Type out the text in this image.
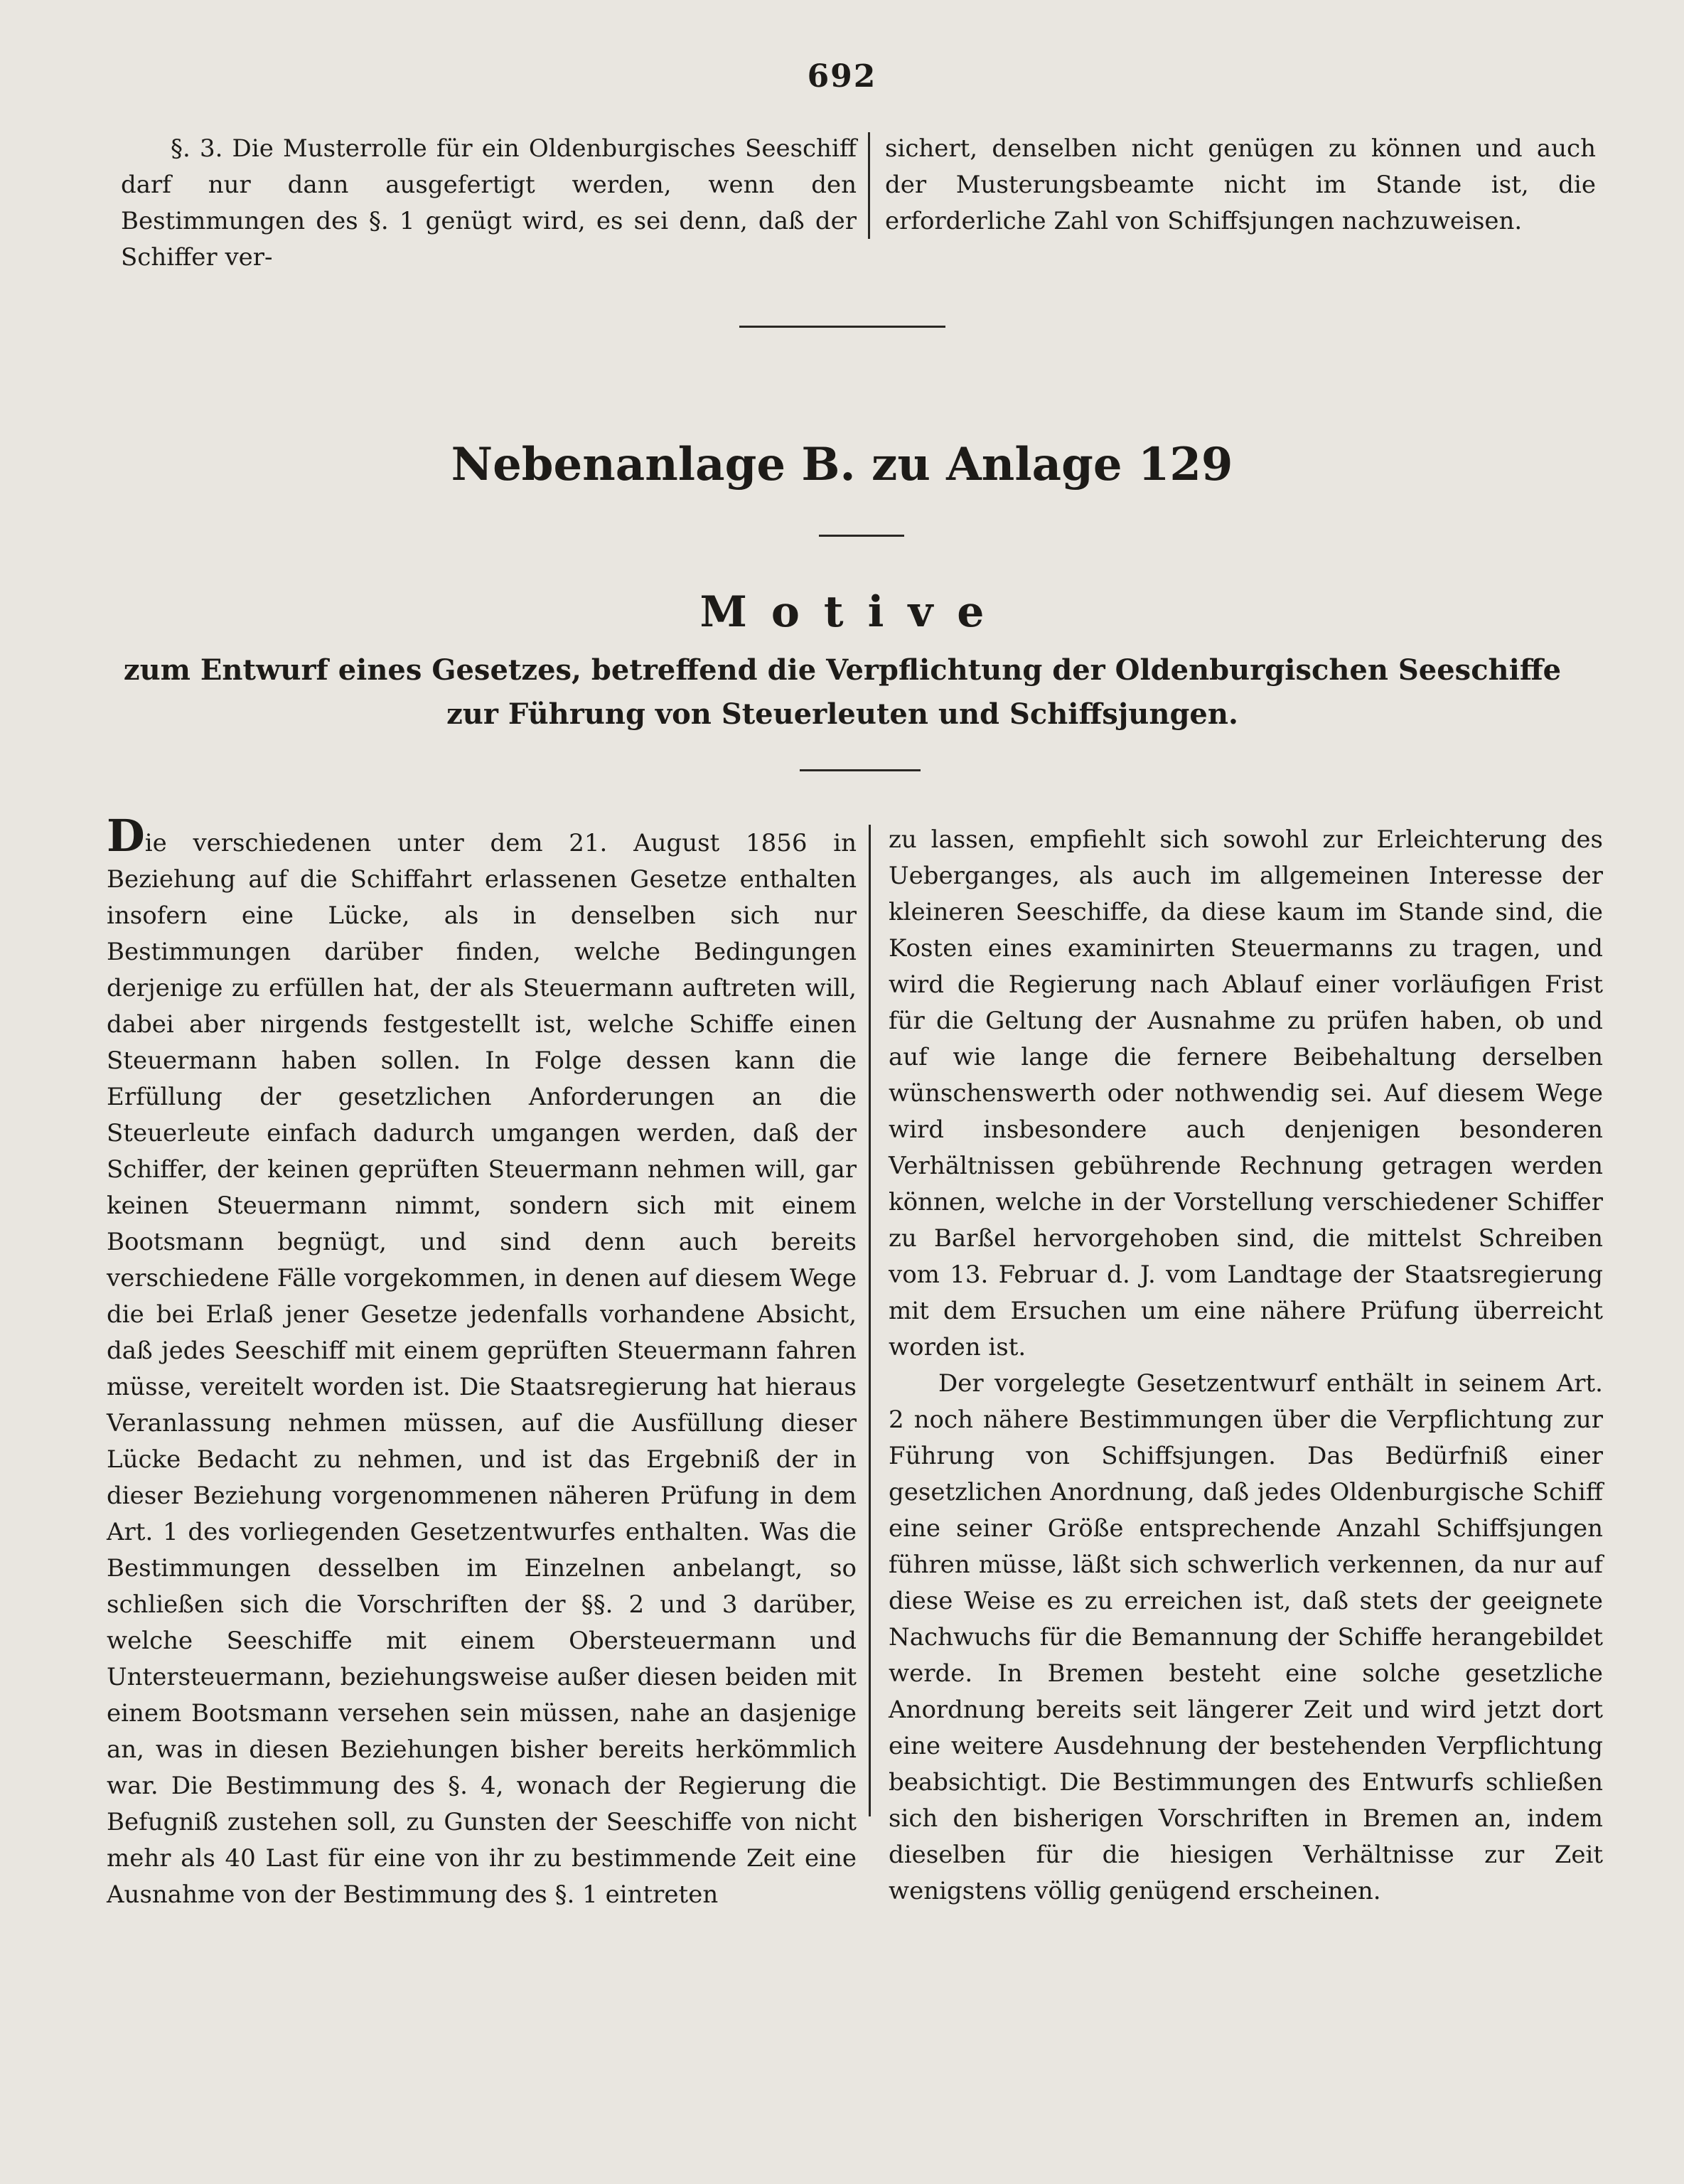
692

§. 3. Die Musterrolle für ein Oldenburgisches Seeschiff darf nur dann ausgefertigt werden, wenn den Bestimmungen des §. 1 genügt wird, es sei denn, daß der Schiffer ver-

sichert, denselben nicht genügen zu können und auch der Musterungsbeamte nicht im Stande ist, die erforderliche Zahl von Schiffsjungen nachzuweisen.

Nebenanlage B. zu Anlage 129
Motive
zum Entwurf eines Gesetzes, betreffend die Verpflichtung der Oldenburgischen Seeschiffe zur Führung von Steuerleuten und Schiffsjungen.

Die verschiedenen unter dem 21. August 1856 in Beziehung auf die Schiffahrt erlassenen Gesetze enthalten insofern eine Lücke, als in denselben sich nur Bestimmungen darüber finden, welche Bedingungen derjenige zu erfüllen hat, der als Steuermann auftreten will, dabei aber nirgends festgestellt ist, welche Schiffe einen Steuermann haben sollen. In Folge dessen kann die Erfüllung der gesetzlichen Anforderungen an die Steuerleute einfach dadurch umgangen werden, daß der Schiffer, der keinen geprüften Steuermann nehmen will, gar keinen Steuermann nimmt, sondern sich mit einem Bootsmann begnügt, und sind denn auch bereits verschiedene Fälle vorgekommen, in denen auf diesem Wege die bei Erlaß jener Gesetze jedenfalls vorhandene Absicht, daß jedes Seeschiff mit einem geprüften Steuermann fahren müsse, vereitelt worden ist. Die Staatsregierung hat hieraus Veranlassung nehmen müssen, auf die Ausfüllung dieser Lücke Bedacht zu nehmen, und ist das Ergebniß der in dieser Beziehung vorgenommenen näheren Prüfung in dem Art. 1 des vorliegenden Gesetzentwurfes enthalten. Was die Bestimmungen desselben im Einzelnen anbelangt, so schließen sich die Vorschriften der §§. 2 und 3 darüber, welche Seeschiffe mit einem Obersteuermann und Untersteuermann, beziehungsweise außer diesen beiden mit einem Bootsmann versehen sein müssen, nahe an dasjenige an, was in diesen Beziehungen bisher bereits herkömmlich war. Die Bestimmung des §. 4, wonach der Regierung die Befugniß zustehen soll, zu Gunsten der Seeschiffe von nicht mehr als 40 Last für eine von ihr zu bestimmende Zeit eine Ausnahme von der Bestimmung des §. 1 eintreten

zu lassen, empfiehlt sich sowohl zur Erleichterung des Ueberganges, als auch im allgemeinen Interesse der kleineren Seeschiffe, da diese kaum im Stande sind, die Kosten eines examinirten Steuermanns zu tragen, und wird die Regierung nach Ablauf einer vorläufigen Frist für die Geltung der Ausnahme zu prüfen haben, ob und auf wie lange die fernere Beibehaltung derselben wünschenswerth oder nothwendig sei. Auf diesem Wege wird insbesondere auch denjenigen besonderen Verhältnissen gebührende Rechnung getragen werden können, welche in der Vorstellung verschiedener Schiffer zu Barßel hervorgehoben sind, die mittelst Schreiben vom 13. Februar d. J. vom Landtage der Staatsregierung mit dem Ersuchen um eine nähere Prüfung überreicht worden ist.

Der vorgelegte Gesetzentwurf enthält in seinem Art. 2 noch nähere Bestimmungen über die Verpflichtung zur Führung von Schiffsjungen. Das Bedürfniß einer gesetzlichen Anordnung, daß jedes Oldenburgische Schiff eine seiner Größe entsprechende Anzahl Schiffsjungen führen müsse, läßt sich schwerlich verkennen, da nur auf diese Weise es zu erreichen ist, daß stets der geeignete Nachwuchs für die Bemannung der Schiffe herangebildet werde. In Bremen besteht eine solche gesetzliche Anordnung bereits seit längerer Zeit und wird jetzt dort eine weitere Ausdehnung der bestehenden Verpflichtung beabsichtigt. Die Bestimmungen des Entwurfs schließen sich den bisherigen Vorschriften in Bremen an, indem dieselben für die hiesigen Verhältnisse zur Zeit wenigstens völlig genügend erscheinen.
